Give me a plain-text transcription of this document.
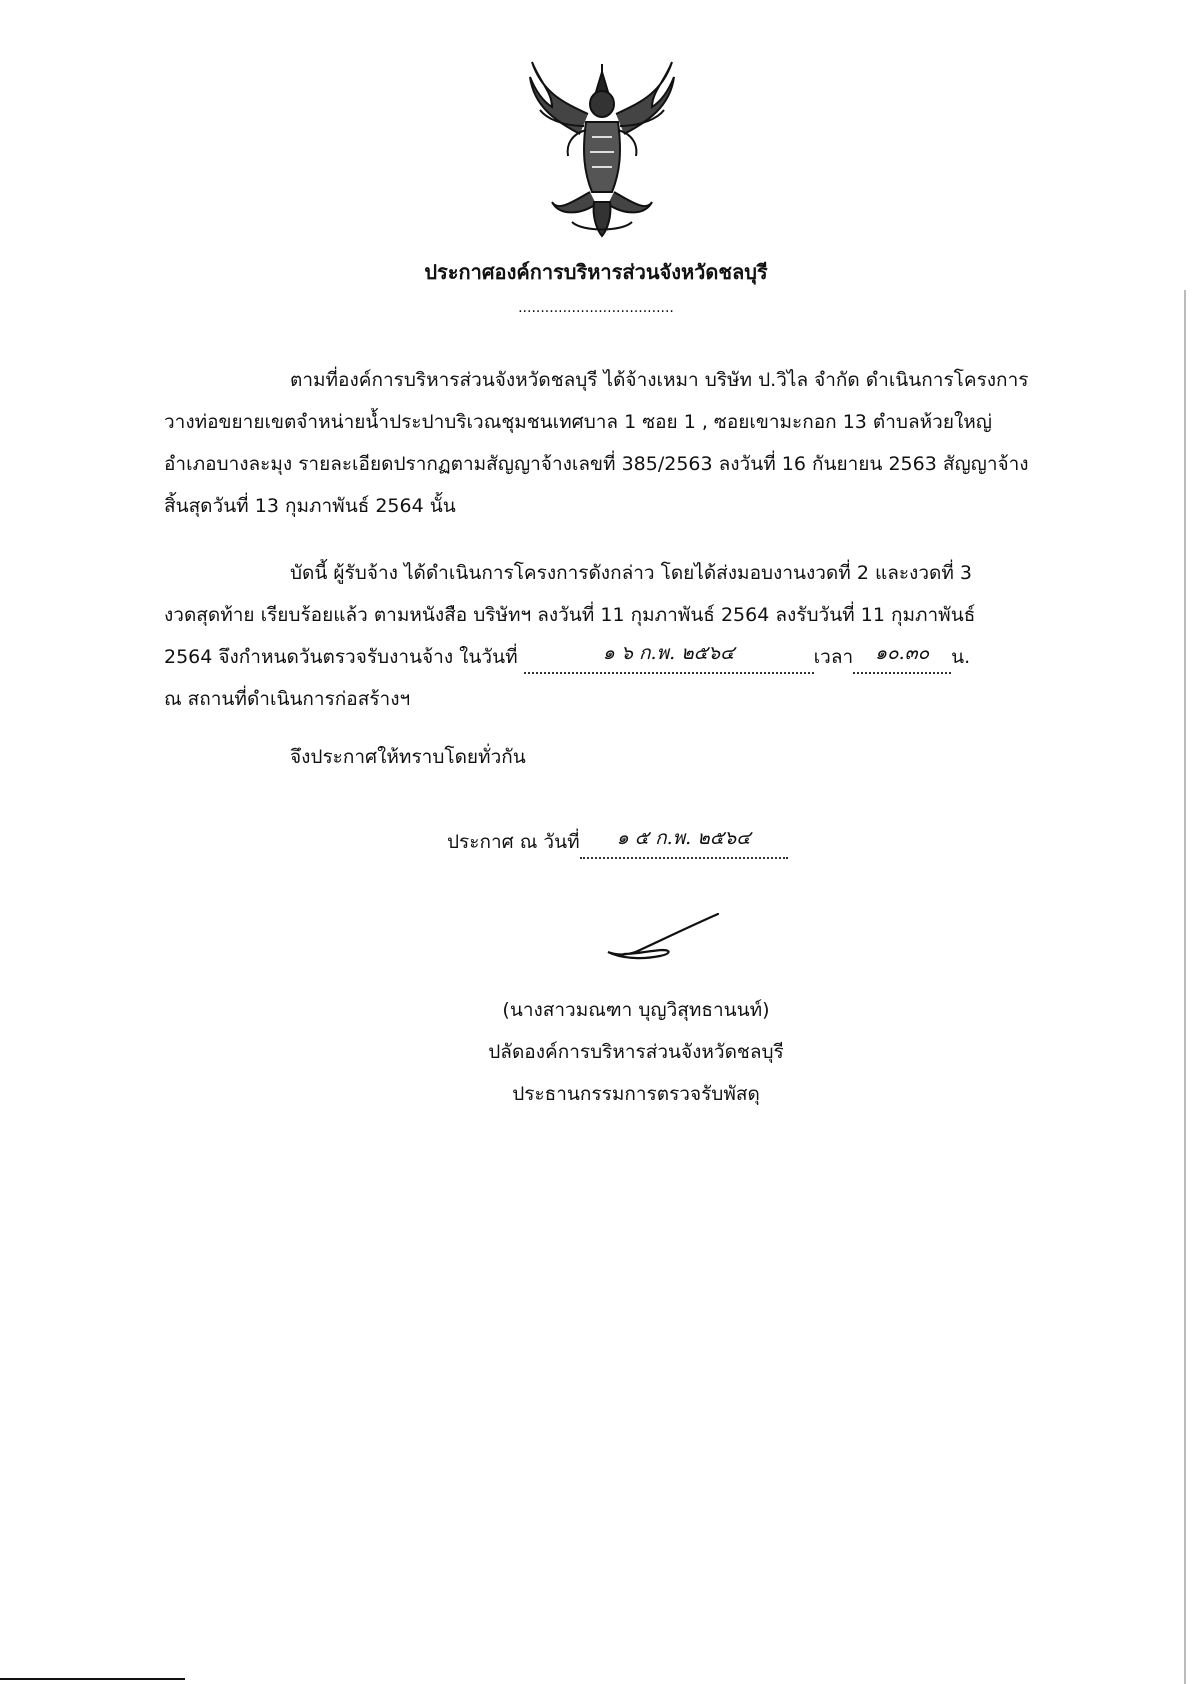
ประกาศองค์การบริหารส่วนจังหวัดชลบุรี
...................................
ตามที่องค์การบริหารส่วนจังหวัดชลบุรี ได้จ้างเหมา บริษัท ป.วิไล จำกัด ดำเนินการโครงการ
วางท่อขยายเขตจำหน่ายน้ำประปาบริเวณชุมชนเทศบาล 1 ซอย 1 , ซอยเขามะกอก 13 ตำบลห้วยใหญ่
อำเภอบางละมุง รายละเอียดปรากฏตามสัญญาจ้างเลขที่ 385/2563 ลงวันที่ 16 กันยายน 2563 สัญญาจ้าง
สิ้นสุดวันที่ 13 กุมภาพันธ์ 2564 นั้น
บัดนี้ ผู้รับจ้าง ได้ดำเนินการโครงการดังกล่าว โดยได้ส่งมอบงานงวดที่ 2 และงวดที่ 3
งวดสุดท้าย เรียบร้อยแล้ว ตามหนังสือ บริษัทฯ ลงวันที่ 11 กุมภาพันธ์ 2564 ลงรับวันที่ 11 กุมภาพันธ์
2564 จึงกำหนดวันตรวจรับงานจ้าง ในวันที่	๑ ๖ ก.พ. ๒๕๖๔	เวลา ๑๐.๓๐ น.
ณ สถานที่ดำเนินการก่อสร้างฯ
จึงประกาศให้ทราบโดยทั่วกัน
ประกาศ ณ วันที่ ๑ ๕ ก.พ. ๒๕๖๔
(นางสาวมณฑา บุญวิสุทธานนท์)
ปลัดองค์การบริหารส่วนจังหวัดชลบุรี
ประธานกรรมการตรวจรับพัสดุ
